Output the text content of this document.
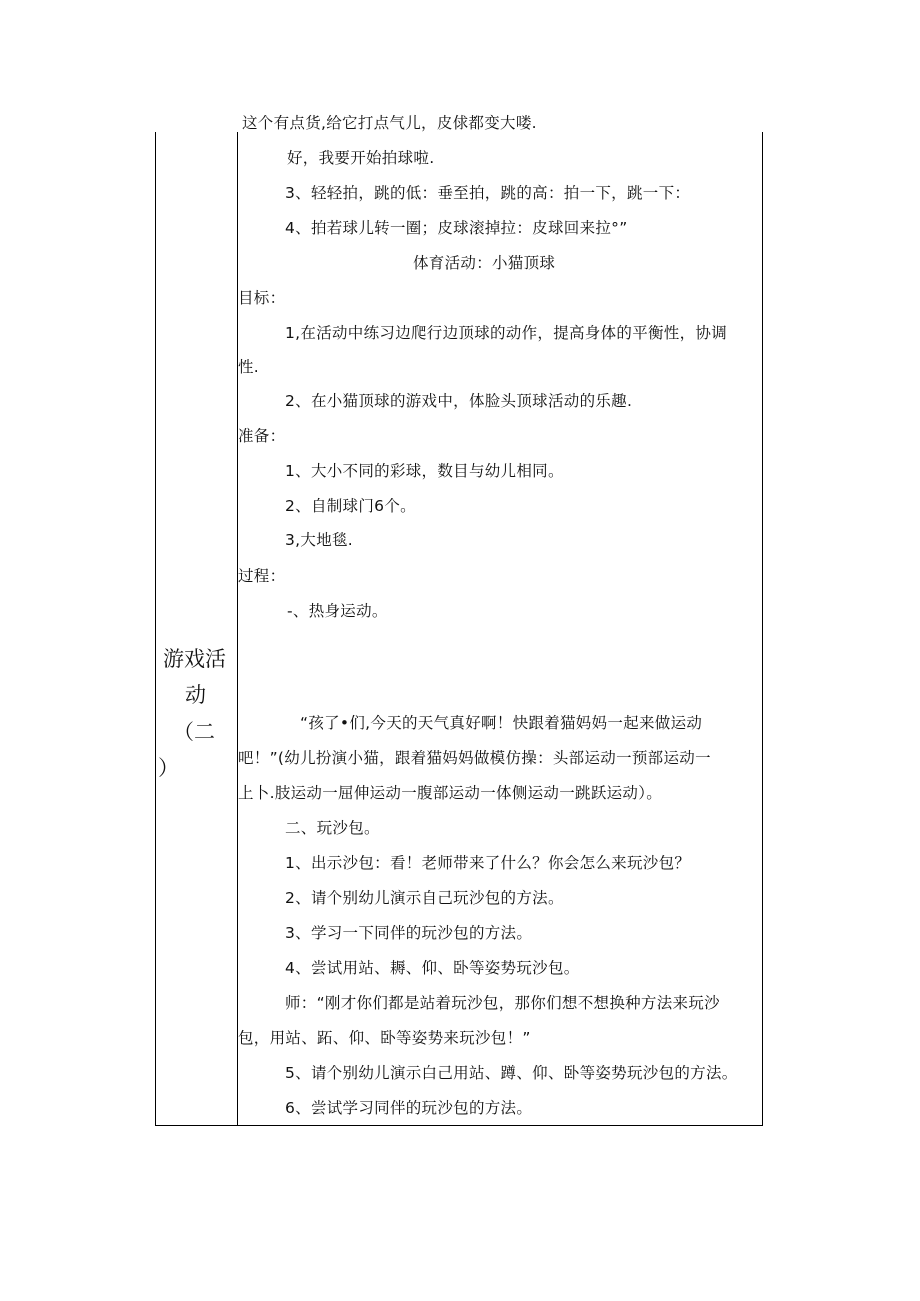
游戏活
动
（二
）
这个有点货,给它打点气儿，皮俅都变大喽.
好，我要开始拍球啦.
3、轻轻拍，跳的低：垂至拍，跳的高：拍一下，跳一下：
4、拍若球儿转一圈；皮球滚掉拉：皮球回来拉°”
体育活动：小猫顶球
目标：
1,在活动中练习边爬行边顶球的动作，提高身体的平衡性，协调
性.
2、在小猫顶球的游戏中，体脸头顶球活动的乐趣.
准备：
1、大小不同的彩球，数目与幼儿相同。
2、自制球门6个。
3,大地毯.
过程：
-、热身运动。
“孩了•们,今天的天气真好啊！快跟着猫妈妈一起来做运动
吧！”(幼儿扮演小猫，跟着猫妈妈做模仿操：头部运动一预部运动一
上卜.肢运动一屈伸运动一腹部运动一体侧运动一跳跃运动）。
二、玩沙包。
1、出示沙包：看！老师带来了什么？你会怎么来玩沙包？
2、请个别幼儿演示自己玩沙包的方法。
3、学习一下同伴的玩沙包的方法。
4、尝试用站、耨、仰、卧等姿势玩沙包。
师：“刚才你们都是站着玩沙包，那你们想不想换种方法来玩沙
包，用站、跖、仰、卧等姿势来玩沙包！”
5、请个别幼儿演示白己用站、蹲、仰、卧等姿势玩沙包的方法。
6、尝试学习同伴的玩沙包的方法。
